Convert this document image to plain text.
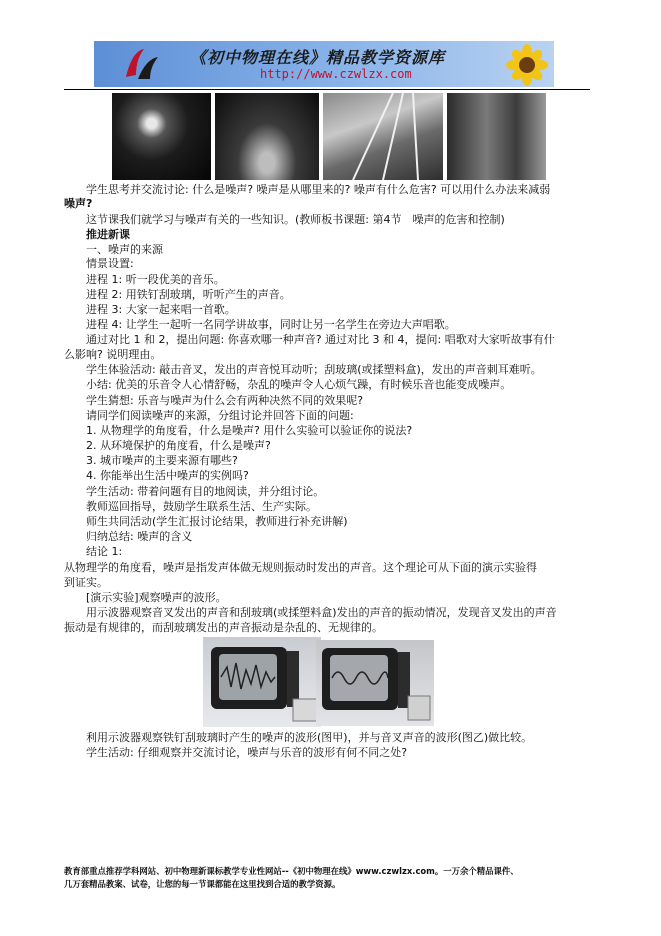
《初中物理在线》精品教学资源库
http://www.czwlzx.com
学生思考并交流讨论: 什么是噪声? 噪声是从哪里来的? 噪声有什么危害? 可以用什么办法来减弱
噪声?
这节课我们就学习与噪声有关的一些知识。(教师板书课题: 第4节　噪声的危害和控制)
推进新课
一、噪声的来源
情景设置:
进程 1: 听一段优美的音乐。
进程 2: 用铁钉刮玻璃，听听产生的声音。
进程 3: 大家一起来唱一首歌。
进程 4: 让学生一起听一名同学讲故事，同时让另一名学生在旁边大声唱歌。
通过对比 1 和 2，提出问题: 你喜欢哪一种声音? 通过对比 3 和 4，提问: 唱歌对大家听故事有什
么影响? 说明理由。
学生体验活动: 敲击音叉，发出的声音悦耳动听；刮玻璃(或揉塑料盒)，发出的声音刺耳难听。
小结: 优美的乐音令人心情舒畅，杂乱的噪声令人心烦气躁，有时候乐音也能变成噪声。
学生猜想: 乐音与噪声为什么会有两种决然不同的效果呢?
请同学们阅读噪声的来源，分组讨论并回答下面的问题:
1. 从物理学的角度看，什么是噪声? 用什么实验可以验证你的说法?
2. 从环境保护的角度看，什么是噪声?
3. 城市噪声的主要来源有哪些?
4. 你能举出生活中噪声的实例吗?
学生活动: 带着问题有目的地阅读，并分组讨论。
教师巡回指导，鼓励学生联系生活、生产实际。
师生共同活动(学生汇报讨论结果，教师进行补充讲解)
归纳总结: 噪声的含义
结论 1:
从物理学的角度看，噪声是指发声体做无规则振动时发出的声音。这个理论可从下面的演示实验得
到证实。
[演示实验]观察噪声的波形。
用示波器观察音叉发出的声音和刮玻璃(或揉塑料盒)发出的声音的振动情况，发现音叉发出的声音
振动是有规律的，而刮玻璃发出的声音振动是杂乱的、无规律的。
利用示波器观察铁钉刮玻璃时产生的噪声的波形(图甲)，并与音叉声音的波形(图乙)做比较。
学生活动: 仔细观察并交流讨论，噪声与乐音的波形有何不同之处?
教育部重点推荐学科网站、初中物理新课标教学专业性网站--《初中物理在线》www.czwlzx.com。一万余个精品课件、
几万套精品教案、试卷，让您的每一节课都能在这里找到合适的教学资源。
